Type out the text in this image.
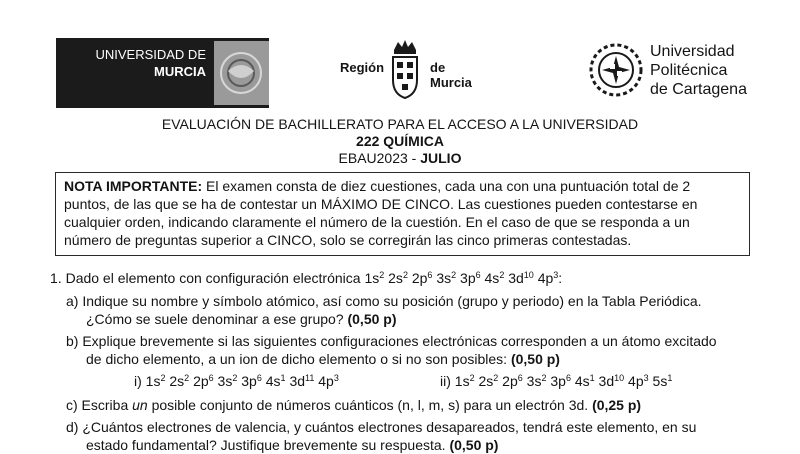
UNIVERSIDAD DE
MURCIA	Región	de Murcia
Universidad
Politécnica
de Cartagena
EVALUACIÓN DE BACHILLERATO PARA EL ACCESO A LA UNIVERSIDAD
222 QUÍMICA
EBAU2023 - JULIO
NOTA IMPORTANTE: El examen consta de diez cuestiones, cada una con una puntuación total de 2
puntos, de las que se ha de contestar un MÁXIMO DE CINCO. Las cuestiones pueden contestarse en
cualquier orden, indicando claramente el número de la cuestión. En el caso de que se responda a un
número de preguntas superior a CINCO, solo se corregirán las cinco primeras contestadas.
1. Dado el elemento con configuración electrónica $1s^2$ $2s^2$ $2p^6$ $3s^2$ $3p^6$ $4s^2$ $3d^{10}$ $4p^3$:
a) Indique su nombre y símbolo atómico, así como su posición (grupo y periodo) en la Tabla Periódica.
¿Cómo se suele denominar a ese grupo? (0,50 p)
b) Explique brevemente si las siguientes configuraciones electrónicas corresponden a un átomo excitado
de dicho elemento, a un ion de dicho elemento o si no son posibles: (0,50 p)
i) $1s^2$ $2s^2$ $2p^6$ $3s^2$ $3p^6$ $4s^1$ $3d^{11}$ $4p^3$	ii) $1s^2$ $2s^2$ $2p^6$ $3s^2$ $3p^6$ $4s^1$ $3d^{10}$ $4p^3$ $5s^1$
c) Escriba un posible conjunto de números cuánticos (n, l, m, s) para un electrón 3d. (0,25 p)
d) ¿Cuántos electrones de valencia, y cuántos electrones desapareados, tendrá este elemento, en su
estado fundamental? Justifique brevemente su respuesta. (0,50 p)
